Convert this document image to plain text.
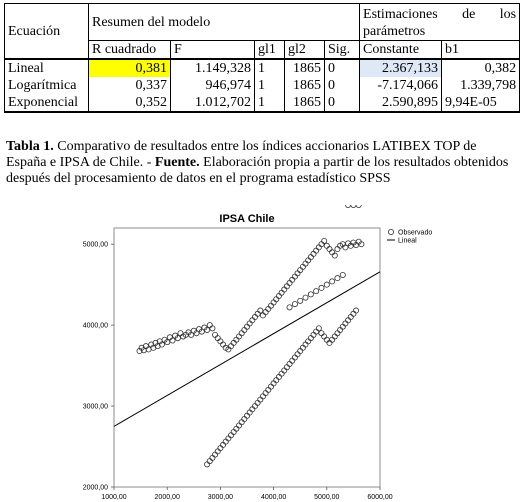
Ecuación	Resumen del modelo					Estimaciones de los
parámetros	

	R cuadrado	F	gl1	gl2	Sig.	Constante	b1
Lineal	0,381	1.149,328	1	1865	0	2.367,133	0,382
Logarítmica	0,337	946,974	1	1865	0	-7.174,066	1.339,798
Exponencial	0,352	1.012,702	1	1865	0	2.590,895	9,94E-05
Tabla 1. Comparativo de resultados entre los índices accionarios LATIBEX TOP de España e IPSA de Chile. - Fuente. Elaboración propia a partir de los resultados obtenidos después del procesamiento de datos en el programa estadístico SPSS
IPSA Chile
1000,00	2000,00	3000,00	4000,00	5000,00	6000,00
2000,00
3000,00
4000,00
5000,00
Observado
Lineal
